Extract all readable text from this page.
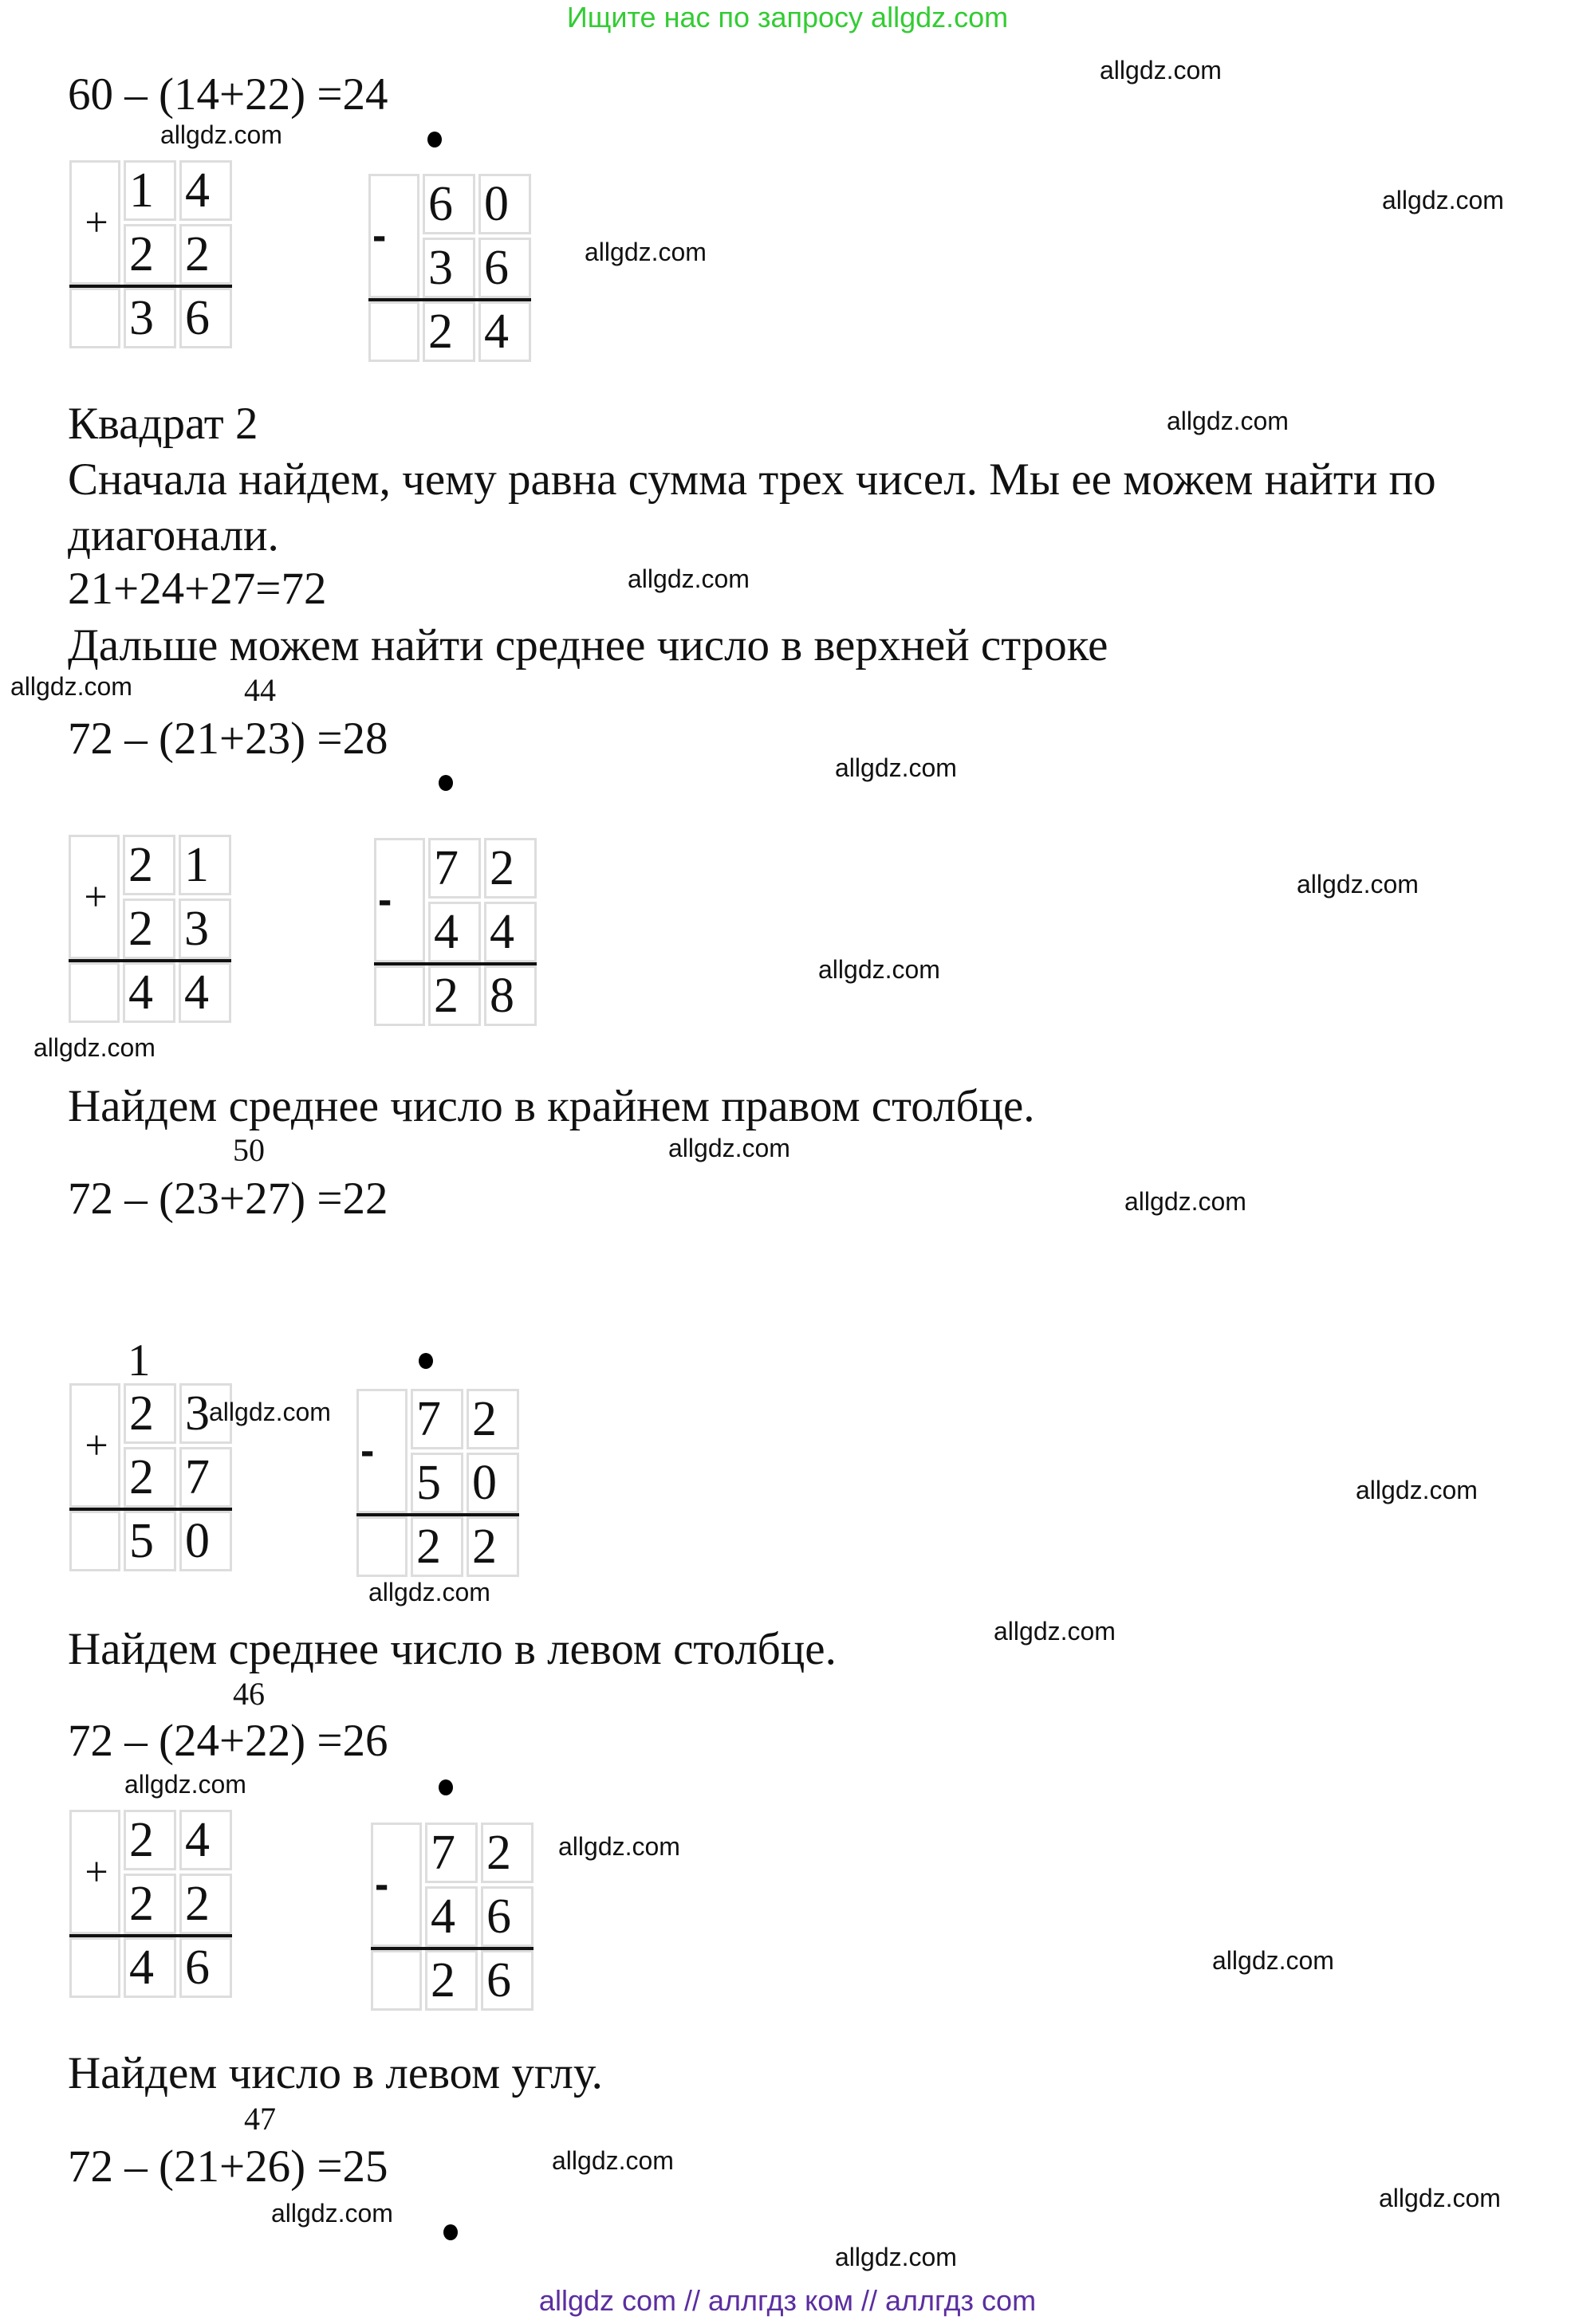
Ищите нас по запросу allgdz.com
60 – (14+22) =24
Квадрат 2
Сначала найдем, чему равна сумма трех чисел. Мы ее можем найти по
диагонали.
21+24+27=72
Дальше можем найти среднее число в верхней строке
44
72 – (21+23) =28
Найдем среднее число в крайнем правом столбце.
50
72 – (23+27) =22
1
Найдем среднее число в левом столбце.
46
72 – (24+22) =26
Найдем число в левом углу.
47
72 – (21+26) =25
+
1 4
2 2
3 6
-
6 0
3 6
2 4
+
2 1
2 3
4 4
-
7 2
4 4
2 8
+
2 3
2 7
5 0
-
7 2
5 0
2 2
+
2 4
2 2
4 6
-
7 2
4 6
2 6
allgdz.com
allgdz.com
allgdz.com
allgdz.com
allgdz.com
allgdz.com
allgdz.com
allgdz.com
allgdz.com
allgdz.com
allgdz.com
allgdz.com
allgdz.com
allgdz.com
allgdz.com
allgdz.com
allgdz.com
allgdz.com
allgdz.com
allgdz.com
allgdz.com
allgdz.com
allgdz.com
allgdz.com
allgdz com // аллгдз ком // аллгдз com
